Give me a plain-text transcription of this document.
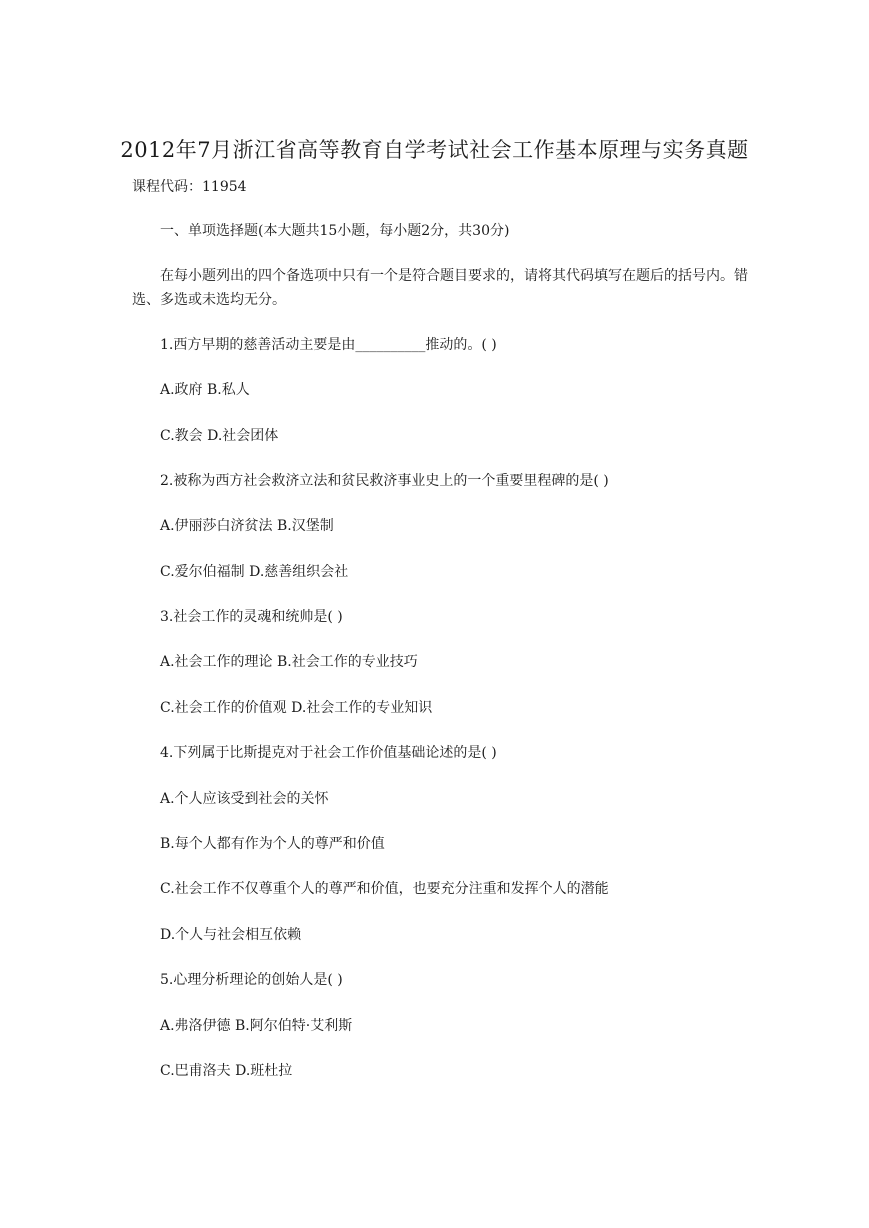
2012年7月浙江省高等教育自学考试社会工作基本原理与实务真题

课程代码：11954

一、单项选择题(本大题共15小题，每小题2分，共30分)

在每小题列出的四个备选项中只有一个是符合题目要求的，请将其代码填写在题后的括号内。错选、多选或未选均无分。

1.西方早期的慈善活动主要是由__________推动的。( )

A.政府 B.私人

C.教会 D.社会团体

2.被称为西方社会救济立法和贫民救济事业史上的一个重要里程碑的是( )

A.伊丽莎白济贫法 B.汉堡制

C.爱尔伯福制 D.慈善组织会社

3.社会工作的灵魂和统帅是( )

A.社会工作的理论 B.社会工作的专业技巧

C.社会工作的价值观 D.社会工作的专业知识

4.下列属于比斯提克对于社会工作价值基础论述的是( )

A.个人应该受到社会的关怀

B.每个人都有作为个人的尊严和价值

C.社会工作不仅尊重个人的尊严和价值，也要充分注重和发挥个人的潜能

D.个人与社会相互依赖

5.心理分析理论的创始人是( )

A.弗洛伊德 B.阿尔伯特·艾利斯

C.巴甫洛夫 D.班杜拉
